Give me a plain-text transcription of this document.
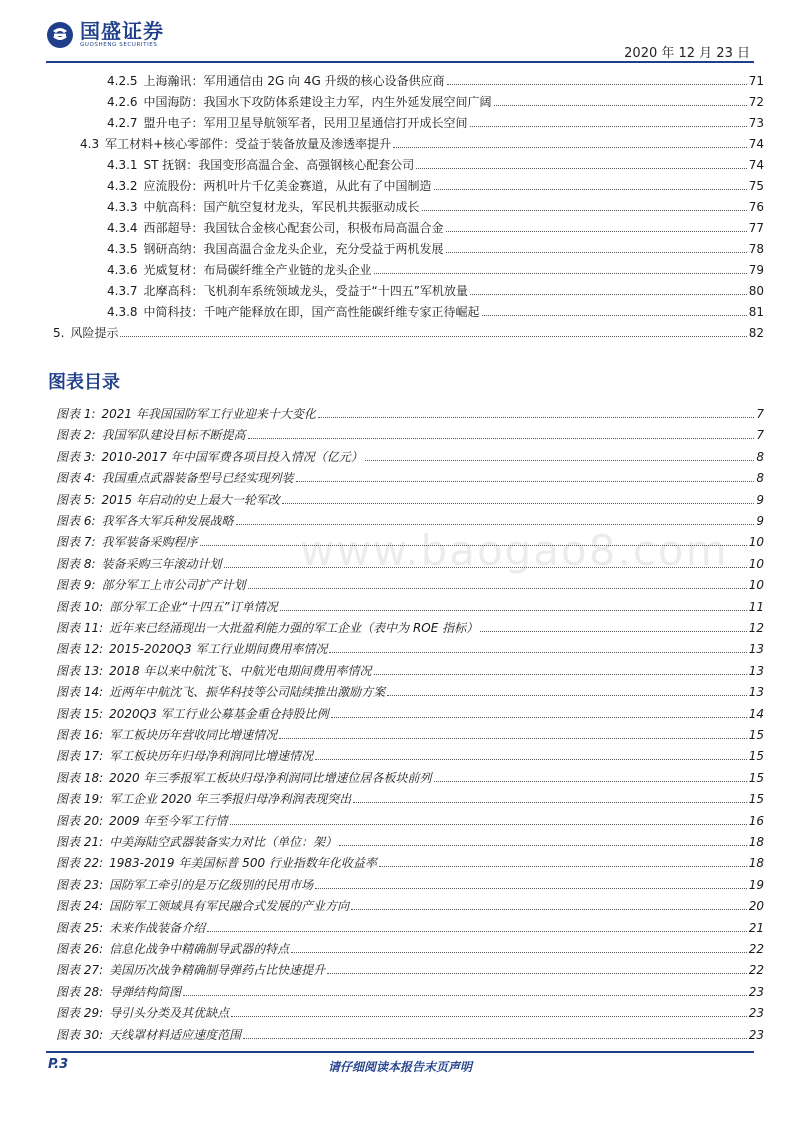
国盛证券
GUOSHENG SECURITIES
2020 年 12 月 23 日
www.baogao8.com
4.2.5 上海瀚讯：军用通信由 2G 向 4G 升级的核心设备供应商	71
4.2.6 中国海防：我国水下攻防体系建设主力军，内生外延发展空间广阔	72
4.2.7 盟升电子：军用卫星导航领军者，民用卫星通信打开成长空间	73
4.3 军工材料+核心零部件：受益于装备放量及渗透率提升	74
4.3.1 ST 抚钢：我国变形高温合金、高强钢核心配套公司	74
4.3.2 应流股份：两机叶片千亿美金赛道，从此有了中国制造	75
4.3.3 中航高科：国产航空复材龙头，军民机共振驱动成长	76
4.3.4 西部超导：我国钛合金核心配套公司，积极布局高温合金	77
4.3.5 钢研高纳：我国高温合金龙头企业，充分受益于两机发展	78
4.3.6 光威复材：布局碳纤维全产业链的龙头企业	79
4.3.7 北摩高科：飞机刹车系统领域龙头，受益于“十四五”军机放量	80
4.3.8 中简科技：千吨产能释放在即，国产高性能碳纤维专家正待崛起	81
5. 风险提示	82
图表目录
图表 1: 2021 年我国国防军工行业迎来十大变化	7
图表 2: 我国军队建设目标不断提高	7
图表 3: 2010-2017 年中国军费各项目投入情况（亿元）	8
图表 4: 我国重点武器装备型号已经实现列装	8
图表 5: 2015 年启动的史上最大一轮军改	9
图表 6: 我军各大军兵种发展战略	9
图表 7: 我军装备采购程序	10
图表 8: 装备采购三年滚动计划	10
图表 9: 部分军工上市公司扩产计划	10
图表 10: 部分军工企业“十四五”订单情况	11
图表 11: 近年来已经涌现出一大批盈利能力强的军工企业（表中为 ROE 指标）	12
图表 12: 2015-2020Q3 军工行业期间费用率情况	13
图表 13: 2018 年以来中航沈飞、中航光电期间费用率情况	13
图表 14: 近两年中航沈飞、振华科技等公司陆续推出激励方案	13
图表 15: 2020Q3 军工行业公募基金重仓持股比例	14
图表 16: 军工板块历年营收同比增速情况	15
图表 17: 军工板块历年归母净利润同比增速情况	15
图表 18: 2020 年三季报军工板块归母净利润同比增速位居各板块前列	15
图表 19: 军工企业 2020 年三季报归母净利润表现突出	15
图表 20: 2009 年至今军工行情	16
图表 21: 中美海陆空武器装备实力对比（单位：架）	18
图表 22: 1983-2019 年美国标普 500 行业指数年化收益率	18
图表 23: 国防军工牵引的是万亿级别的民用市场	19
图表 24: 国防军工领域具有军民融合式发展的产业方向	20
图表 25: 未来作战装备介绍	21
图表 26: 信息化战争中精确制导武器的特点	22
图表 27: 美国历次战争精确制导弹药占比快速提升	22
图表 28: 导弹结构简图	23
图表 29: 导引头分类及其优缺点	23
图表 30: 天线罩材料适应速度范围	23
P.3	请仔细阅读本报告末页声明
